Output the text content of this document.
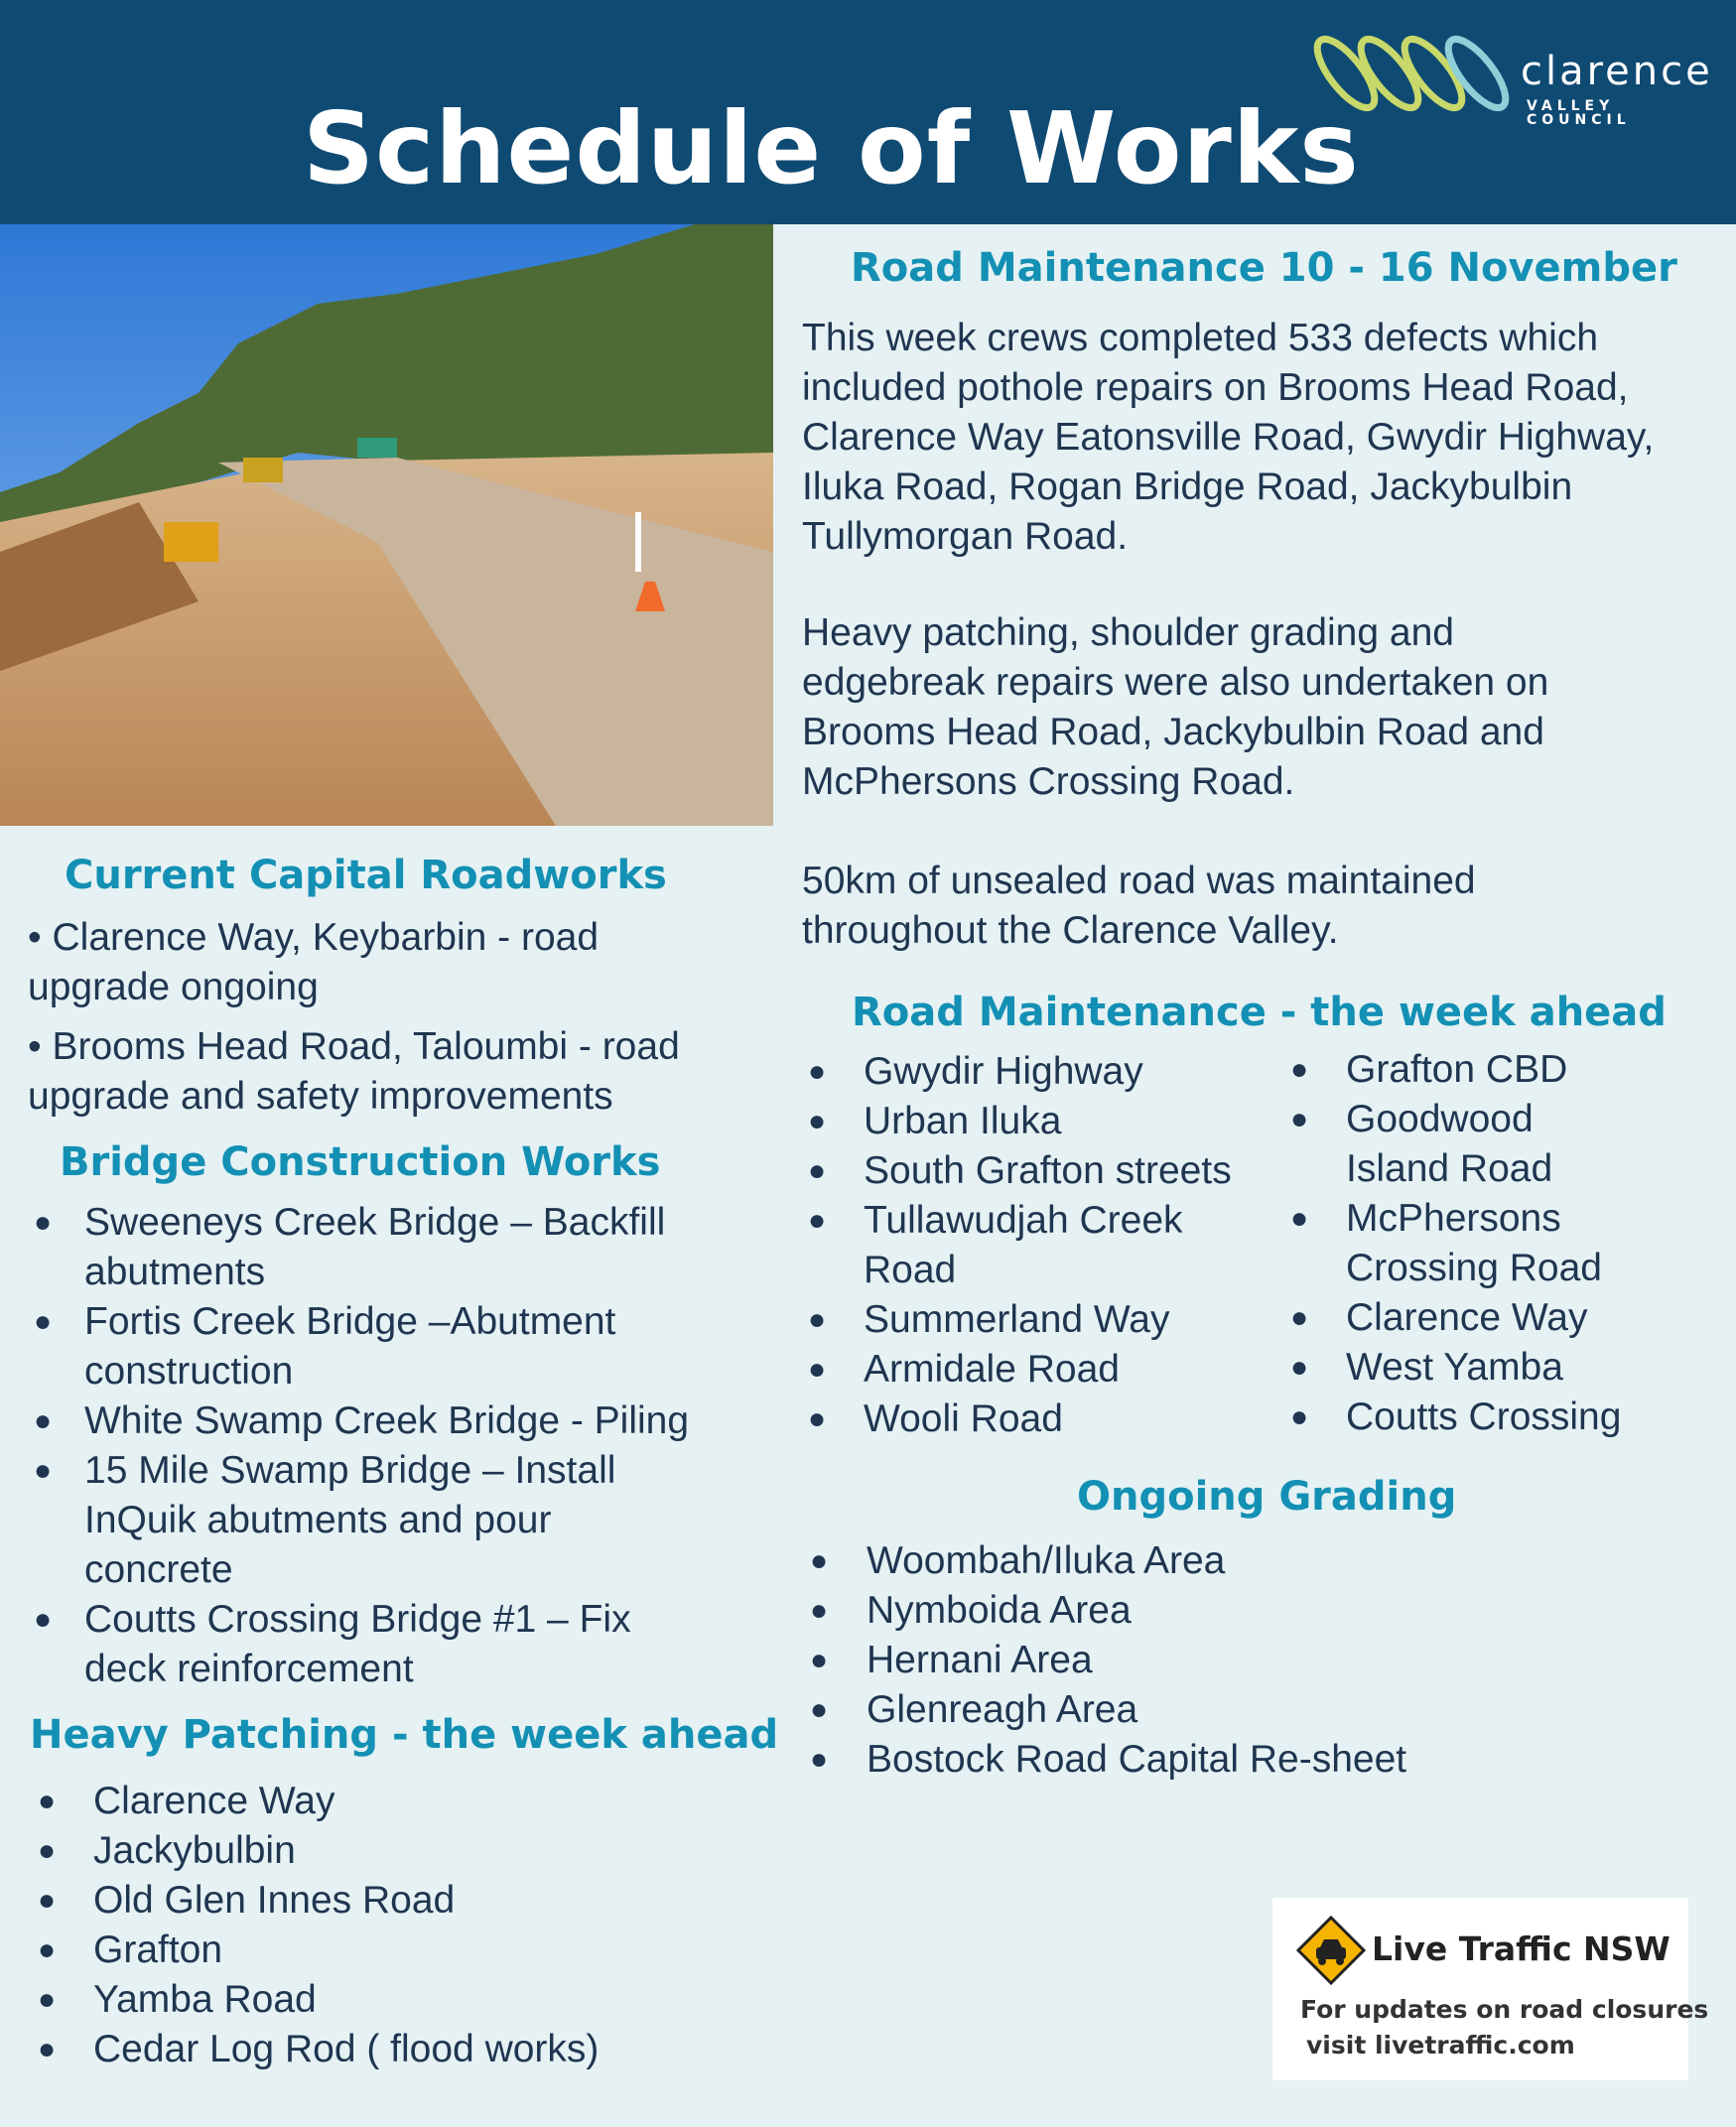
Schedule of Works
clarence
VALLEY COUNCIL
Current Capital Roadworks
• Clarence Way, Keybarbin - road upgrade ongoing
• Brooms Head Road, Taloumbi - road upgrade and safety improvements
Bridge Construction Works
● Sweeneys Creek Bridge – Backfill abutments
● Fortis Creek Bridge –Abutment construction
● White Swamp Creek Bridge - Piling
● 15 Mile Swamp Bridge – Install InQuik abutments and pour concrete
● Coutts Crossing Bridge #1 – Fix deck reinforcement
Heavy Patching - the week ahead
● Clarence Way
● Jackybulbin
● Old Glen Innes Road
● Grafton
● Yamba Road
● Cedar Log Rod ( flood works)
Road Maintenance 10 - 16 November
This week crews completed 533 defects which included pothole repairs on Brooms Head Road, Clarence Way Eatonsville Road, Gwydir Highway, Iluka Road, Rogan Bridge Road, Jackybulbin Tullymorgan Road.
Heavy patching, shoulder grading and edgebreak repairs were also undertaken on Brooms Head Road, Jackybulbin Road and McPhersons Crossing Road.
50km of unsealed road was maintained throughout the Clarence Valley.
Road Maintenance - the week ahead
● Gwydir Highway
● Urban Iluka
● South Grafton streets
● Tullawudjah Creek Road
● Summerland Way
● Armidale Road
● Wooli Road
● Grafton CBD
● Goodwood Island Road
● McPhersons Crossing Road
● Clarence Way
● West Yamba
● Coutts Crossing
Ongoing Grading
● Woombah/Iluka Area
● Nymboida Area
● Hernani Area
● Glenreagh Area
● Bostock Road Capital Re-sheet
Live Traffic NSW
For updates on road closures
visit livetraffic.com
